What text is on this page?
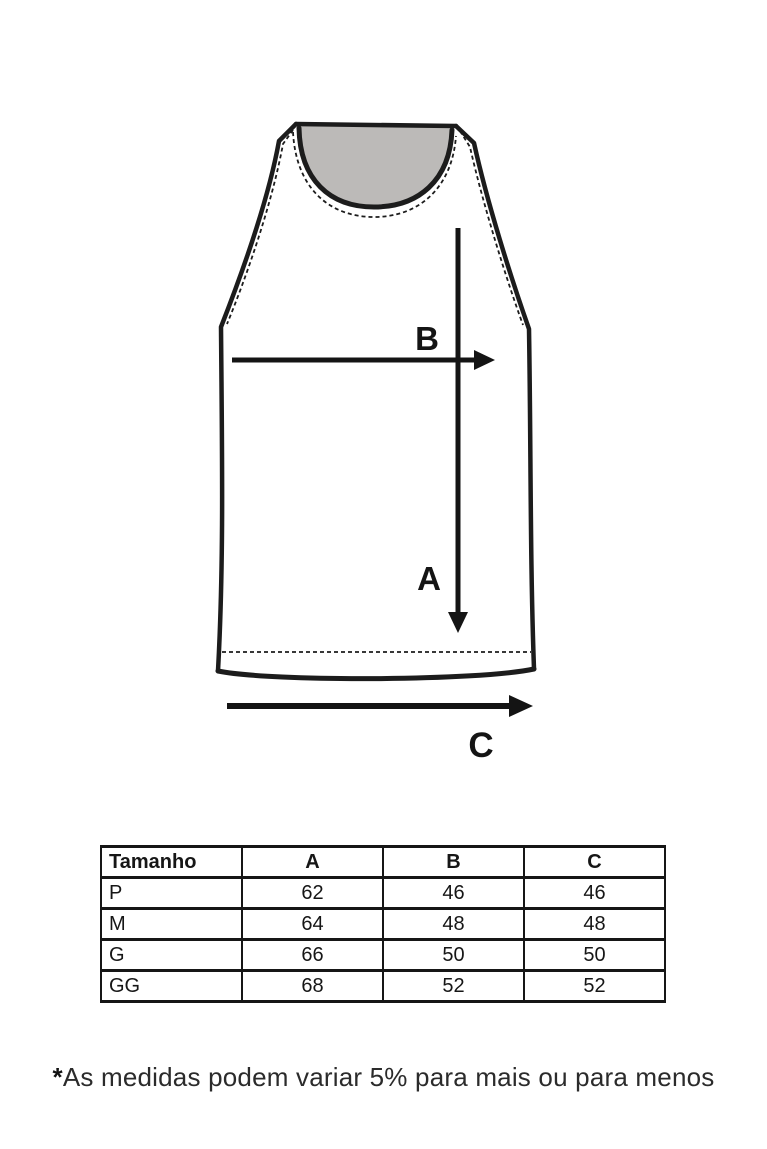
B
A
C
Tamanho	A	B	C
P	62	46	46
M	64	48	48
G	66	50	50
GG	68	52	52
*As medidas podem variar 5% para mais ou para menos
